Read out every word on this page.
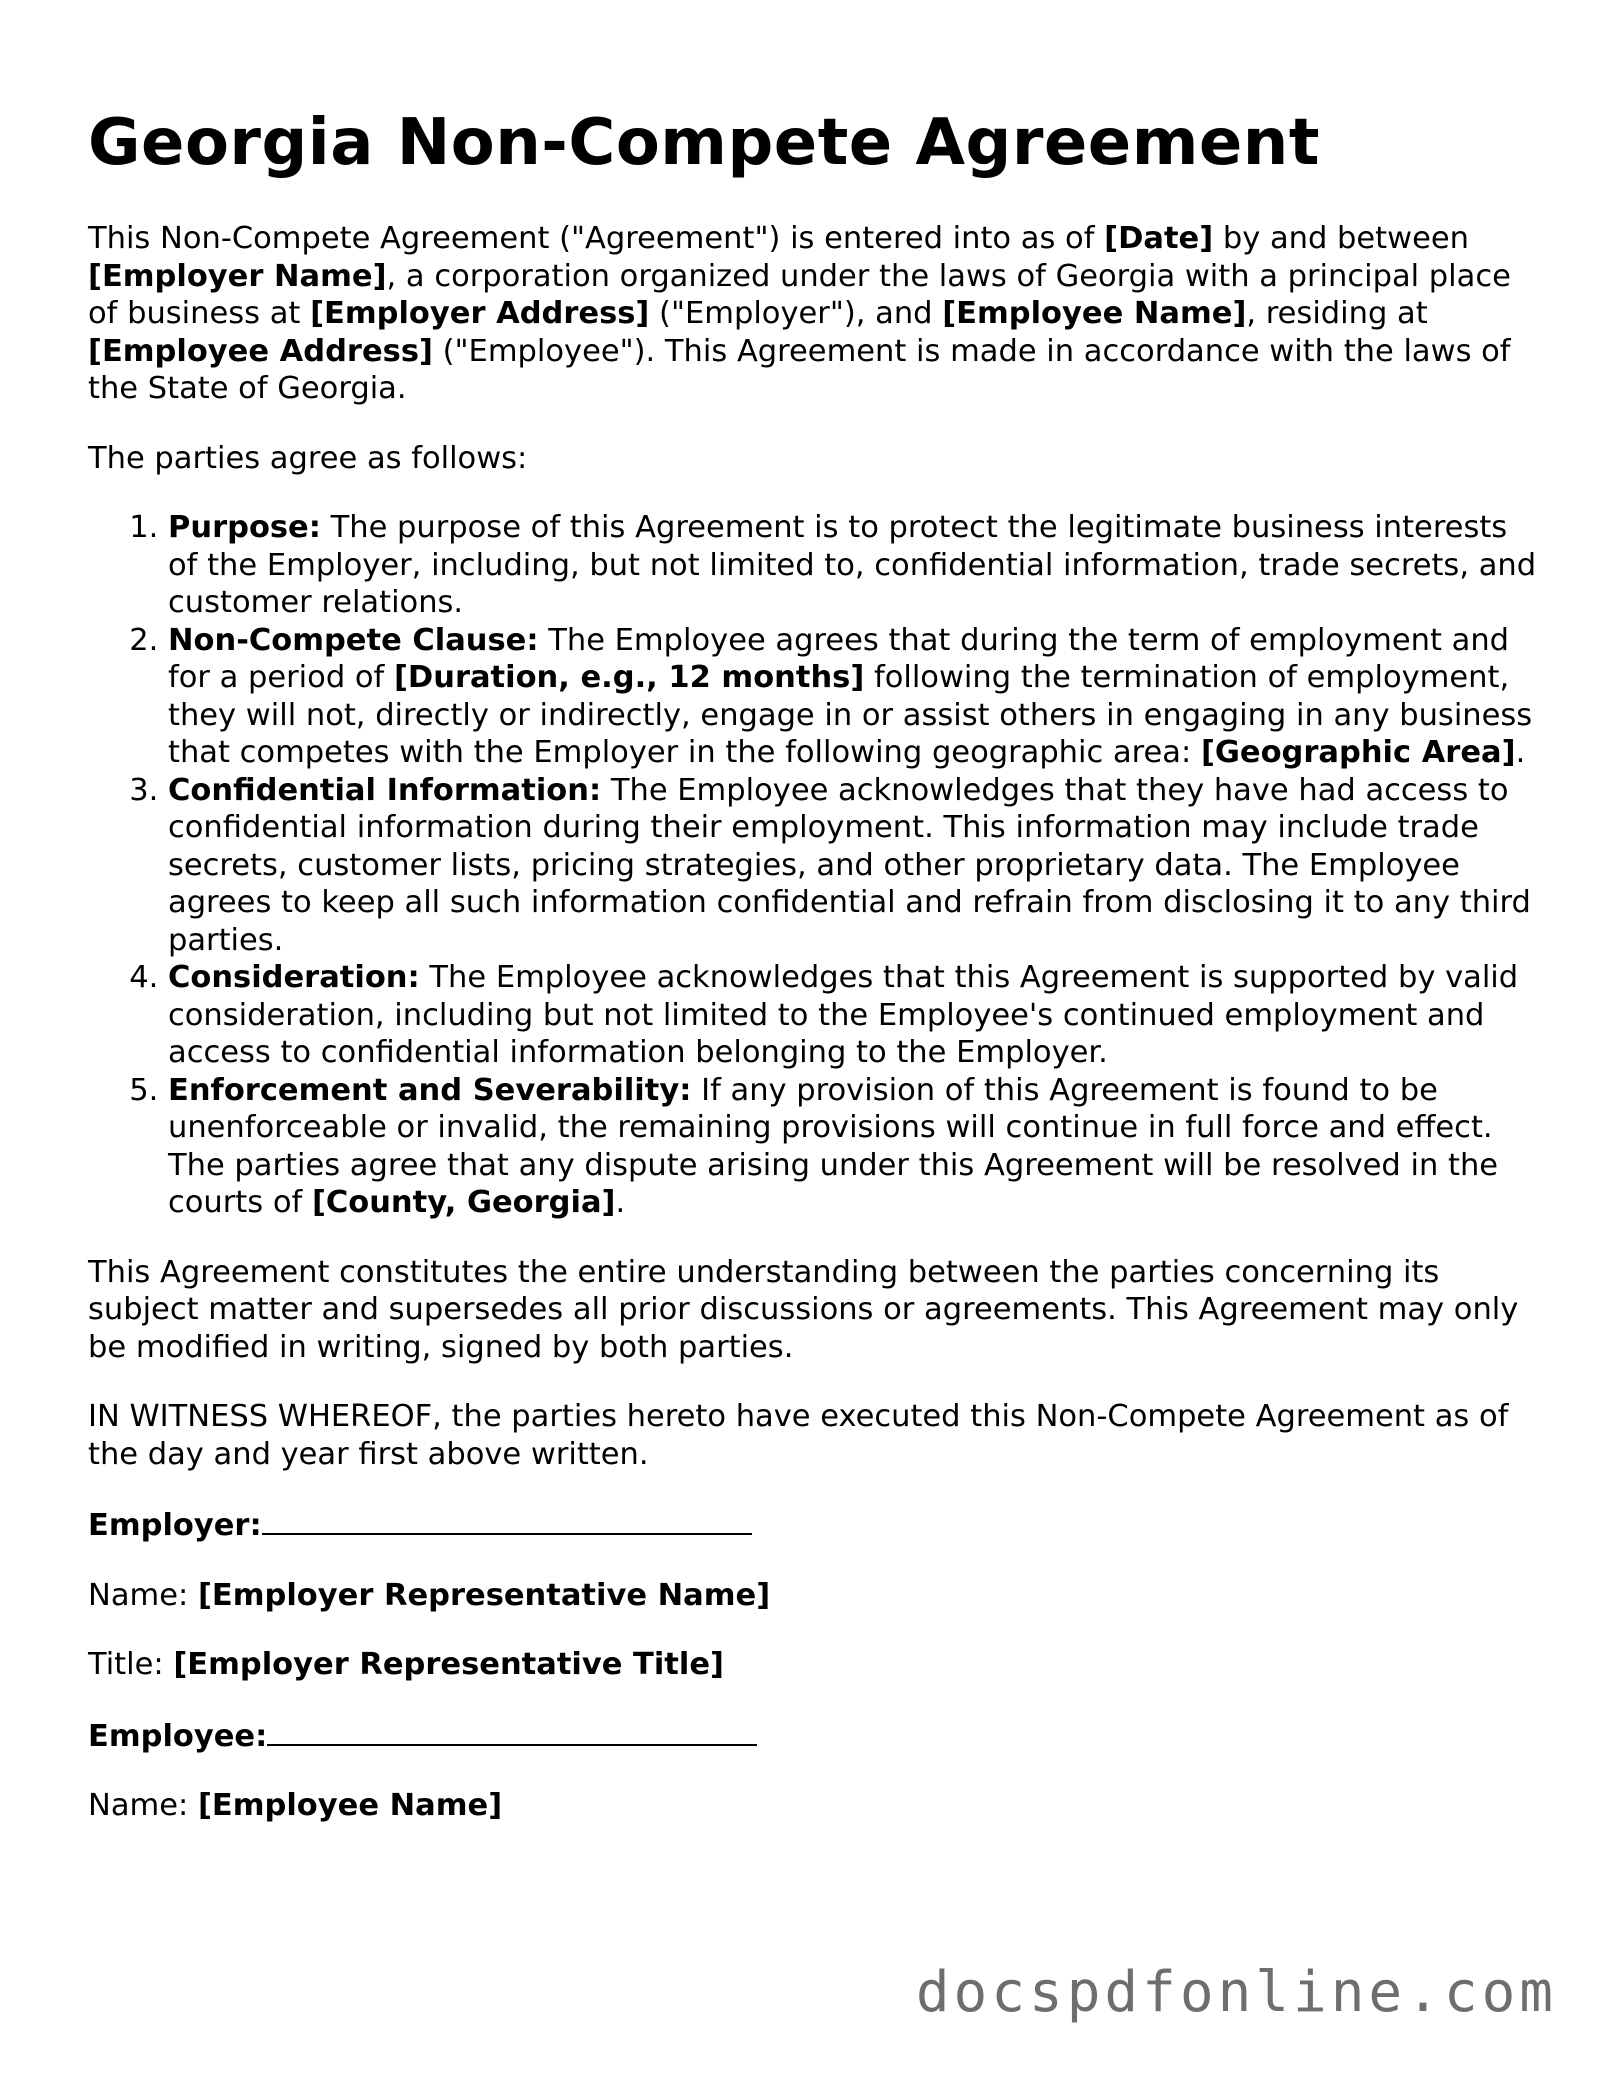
Georgia Non-Compete Agreement

This Non-Compete Agreement ("Agreement") is entered into as of [Date] by and between [Employer Name], a corporation organized under the laws of Georgia with a principal place of business at [Employer Address] ("Employer"), and [Employee Name], residing at [Employee Address] ("Employee"). This Agreement is made in accordance with the laws of the State of Georgia.

The parties agree as follows:

1. Purpose: The purpose of this Agreement is to protect the legitimate business interests of the Employer, including, but not limited to, confidential information, trade secrets, and customer relations.
2. Non-Compete Clause: The Employee agrees that during the term of employment and for a period of [Duration, e.g., 12 months] following the termination of employment, they will not, directly or indirectly, engage in or assist others in engaging in any business that competes with the Employer in the following geographic area: [Geographic Area].
3. Confidential Information: The Employee acknowledges that they have had access to confidential information during their employment. This information may include trade secrets, customer lists, pricing strategies, and other proprietary data. The Employee agrees to keep all such information confidential and refrain from disclosing it to any third parties.
4. Consideration: The Employee acknowledges that this Agreement is supported by valid consideration, including but not limited to the Employee's continued employment and access to confidential information belonging to the Employer.
5. Enforcement and Severability: If any provision of this Agreement is found to be unenforceable or invalid, the remaining provisions will continue in full force and effect. The parties agree that any dispute arising under this Agreement will be resolved in the courts of [County, Georgia].

This Agreement constitutes the entire understanding between the parties concerning its subject matter and supersedes all prior discussions or agreements. This Agreement may only be modified in writing, signed by both parties.

IN WITNESS WHEREOF, the parties hereto have executed this Non-Compete Agreement as of the day and year first above written.

Employer:

Name: [Employer Representative Name]

Title: [Employer Representative Title]

Employee:

Name: [Employee Name]

docspdfonline.com
